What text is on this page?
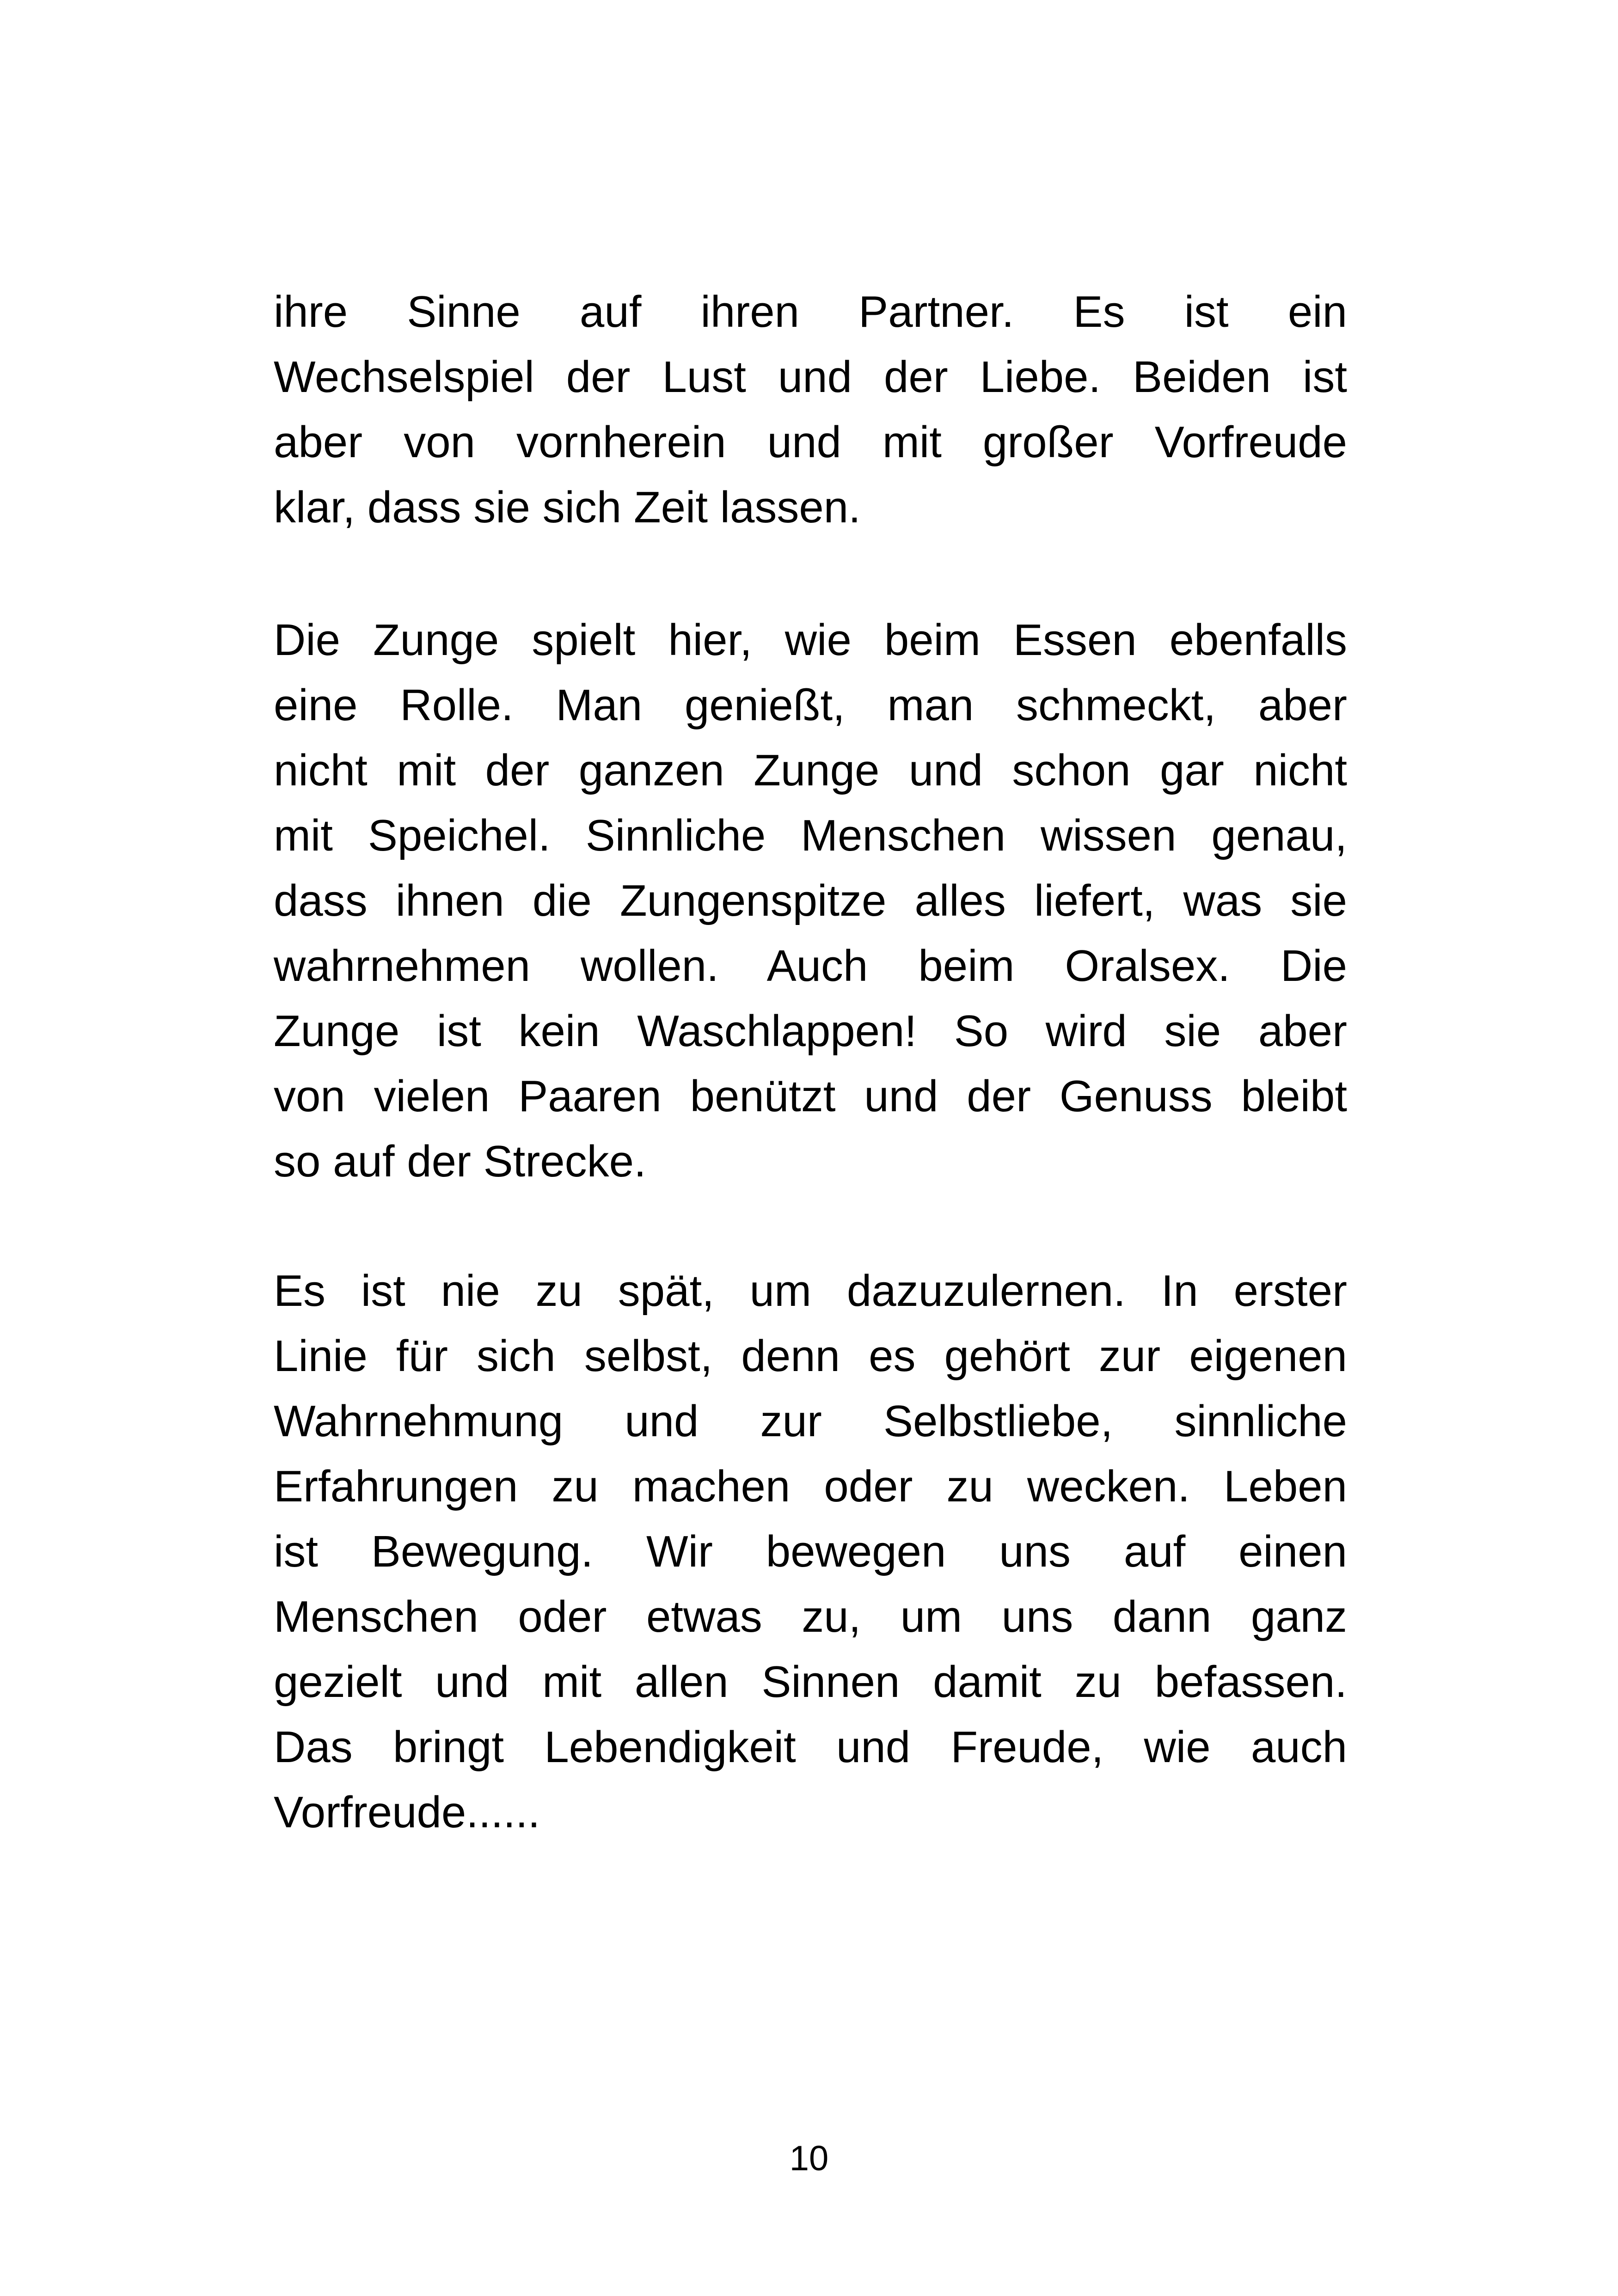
ihre Sinne auf ihren Partner. Es ist ein
Wechselspiel der Lust und der Liebe. Beiden ist
aber von vornherein und mit großer Vorfreude
klar, dass sie sich Zeit lassen.
Die Zunge spielt hier, wie beim Essen ebenfalls
eine Rolle. Man genießt, man schmeckt, aber
nicht mit der ganzen Zunge und schon gar nicht
mit Speichel. Sinnliche Menschen wissen genau,
dass ihnen die Zungenspitze alles liefert, was sie
wahrnehmen wollen. Auch beim Oralsex. Die
Zunge ist kein Waschlappen! So wird sie aber
von vielen Paaren benützt und der Genuss bleibt
so auf der Strecke.
Es ist nie zu spät, um dazuzulernen. In erster
Linie für sich selbst, denn es gehört zur eigenen
Wahrnehmung und zur Selbstliebe, sinnliche
Erfahrungen zu machen oder zu wecken. Leben
ist Bewegung. Wir bewegen uns auf einen
Menschen oder etwas zu, um uns dann ganz
gezielt und mit allen Sinnen damit zu befassen.
Das bringt Lebendigkeit und Freude, wie auch
Vorfreude......
10
